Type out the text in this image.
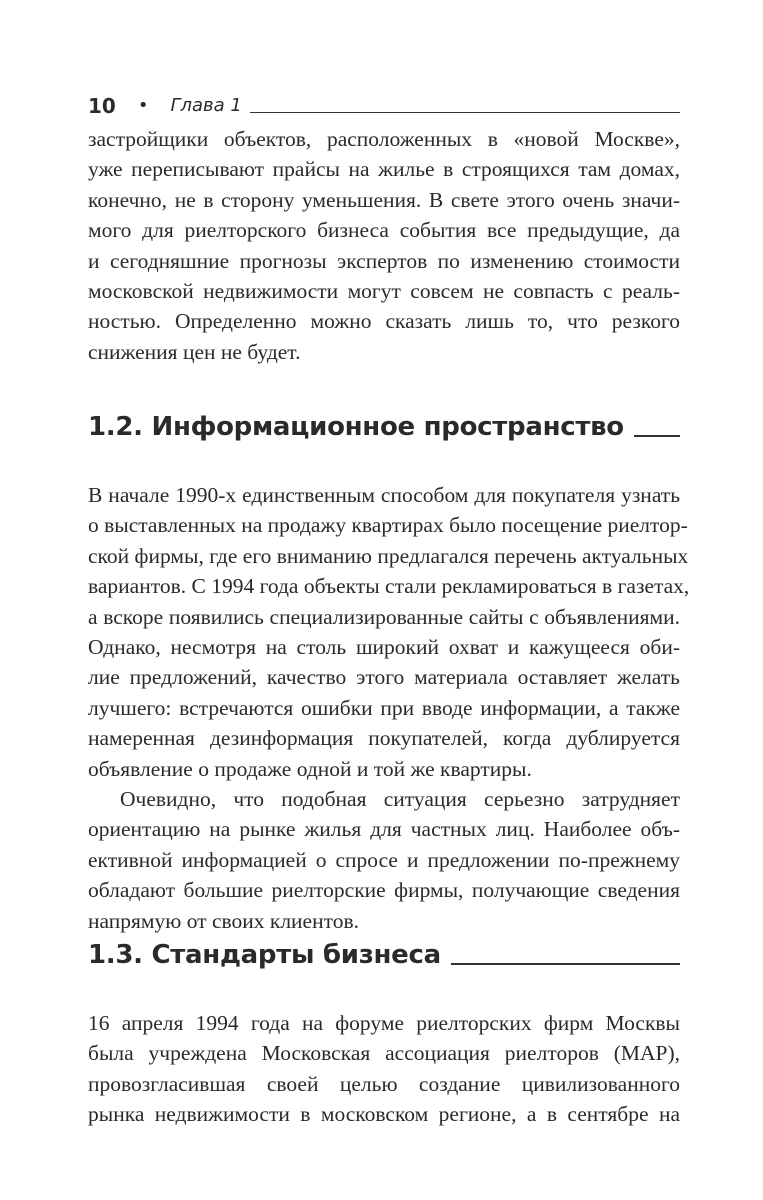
10 • Глава 1
застройщики объектов, расположенных в «новой Москве»,
уже переписывают прайсы на жилье в строящихся там домах,
конечно, не в сторону уменьшения. В свете этого очень значи-
мого для риелторского бизнеса события все предыдущие, да
и сегодняшние прогнозы экспертов по изменению стоимости
московской недвижимости могут совсем не совпасть с реаль-
ностью. Определенно можно сказать лишь то, что резкого
снижения цен не будет.
1.2. Информационное пространство
В начале 1990-х единственным способом для покупателя узнать
о выставленных на продажу квартирах было посещение риелтор-
ской фирмы, где его вниманию предлагался перечень актуальных
вариантов. С 1994 года объекты стали рекламироваться в газетах,
а вскоре появились специализированные сайты с объявлениями.
Однако, несмотря на столь широкий охват и кажущееся оби-
лие предложений, качество этого материала оставляет желать
лучшего: встречаются ошибки при вводе информации, а также
намеренная дезинформация покупателей, когда дублируется
объявление о продаже одной и той же квартиры.
Очевидно, что подобная ситуация серьезно затрудняет
ориентацию на рынке жилья для частных лиц. Наиболее объ-
ективной информацией о спросе и предложении по-прежнему
обладают большие риелторские фирмы, получающие сведения
напрямую от своих клиентов.
1.3. Стандарты бизнеса
16 апреля 1994 года на форуме риелторских фирм Москвы
была учреждена Московская ассоциация риелторов (МАР),
провозгласившая своей целью создание цивилизованного
рынка недвижимости в московском регионе, а в сентябре на
